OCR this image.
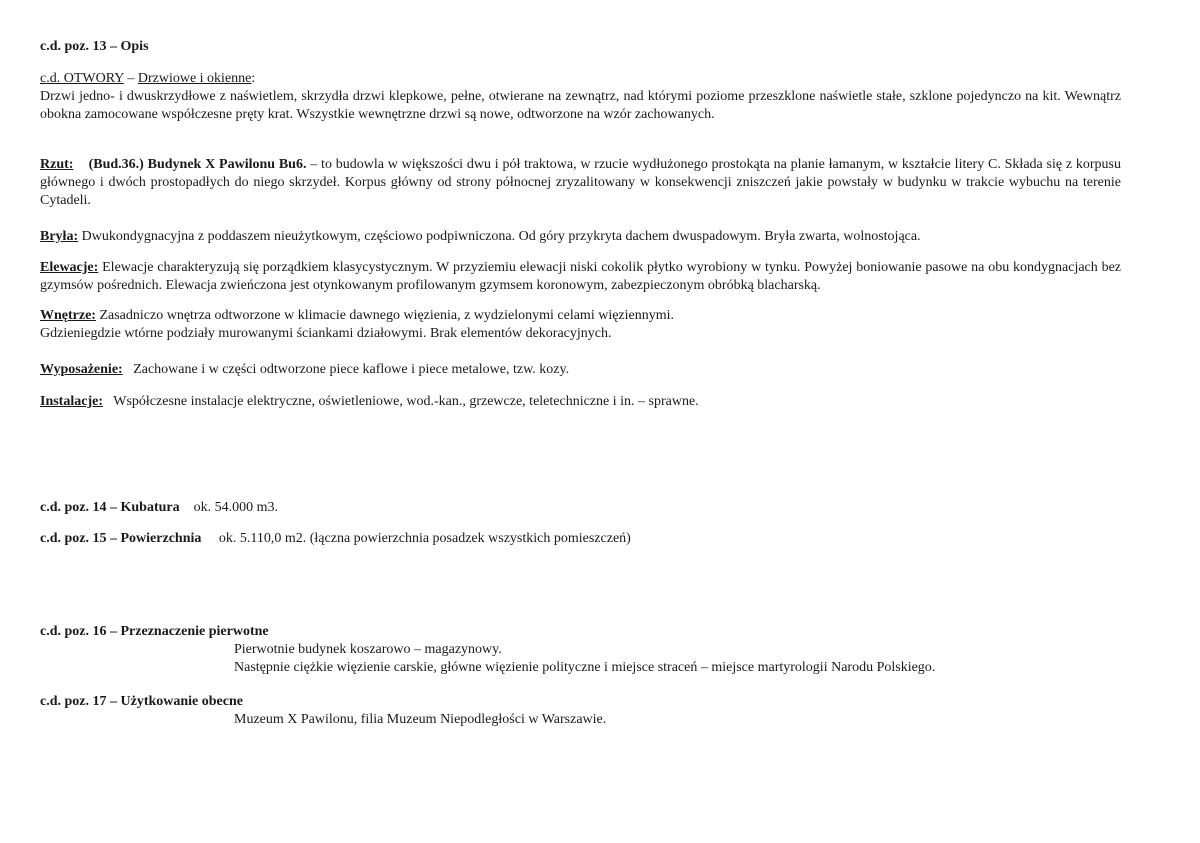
c.d. poz. 13 – Opis

c.d. OTWORY – Drzwiowe i okienne:

Drzwi jedno- i dwuskrzydłowe z naświetlem, skrzydła drzwi klepkowe, pełne, otwierane na zewnątrz, nad którymi poziome przeszklone naświetle stałe, szklone pojedynczo na kit. Wewnątrz obokna zamocowane współczesne pręty krat. Wszystkie wewnętrzne drzwi są nowe, odtworzone na wzór zachowanych.

Rzut: (Bud.36.) Budynek X Pawilonu Bu6. – to budowla w większości dwu i pół traktowa, w rzucie wydłużonego prostokąta na planie łamanym, w kształcie litery C. Składa się z korpusu głównego i dwóch prostopadłych do niego skrzydeł. Korpus główny od strony północnej zryzalitowany w konsekwencji zniszczeń jakie powstały w budynku w trakcie wybuchu na terenie Cytadeli.
Bryła: Dwukondygnacyjna z poddaszem nieużytkowym, częściowo podpiwniczona. Od góry przykryta dachem dwuspadowym. Bryła zwarta, wolnostojąca.
Elewacje: Elewacje charakteryzują się porządkiem klasycystycznym. W przyziemiu elewacji niski cokolik płytko wyrobiony w tynku. Powyżej boniowanie pasowe na obu kondygnacjach bez gzymsów pośrednich. Elewacja zwieńczona jest otynkowanym profilowanym gzymsem koronowym, zabezpieczonym obróbką blacharską.

Wnętrze: Zasadniczo wnętrza odtworzone w klimacie dawnego więzienia, z wydzielonymi celami więziennymi.

Gdzieniegdzie wtórne podziały murowanymi ściankami działowymi. Brak elementów dekoracyjnych.

Wyposażenie:   Zachowane i w części odtworzone piece kaflowe i piece metalowe, tzw. kozy.
Instalacje:   Współczesne instalacje elektryczne, oświetleniowe, wod.-kan., grzewcze, teletechniczne i in. – sprawne.
c.d. poz. 14 – Kubatura    ok. 54.000 m3.
c.d. poz. 15 – Powierzchnia     ok. 5.110,0 m2. (łączna powierzchnia posadzek wszystkich pomieszczeń)

c.d. poz. 16 – Przeznaczenie pierwotne

Pierwotnie budynek koszarowo – magazynowy.

Następnie ciężkie więzienie carskie, główne więzienie polityczne i miejsce straceń – miejsce martyrologii Narodu Polskiego.

c.d. poz. 17 – Użytkowanie obecne

Muzeum X Pawilonu, filia Muzeum Niepodległości w Warszawie.
